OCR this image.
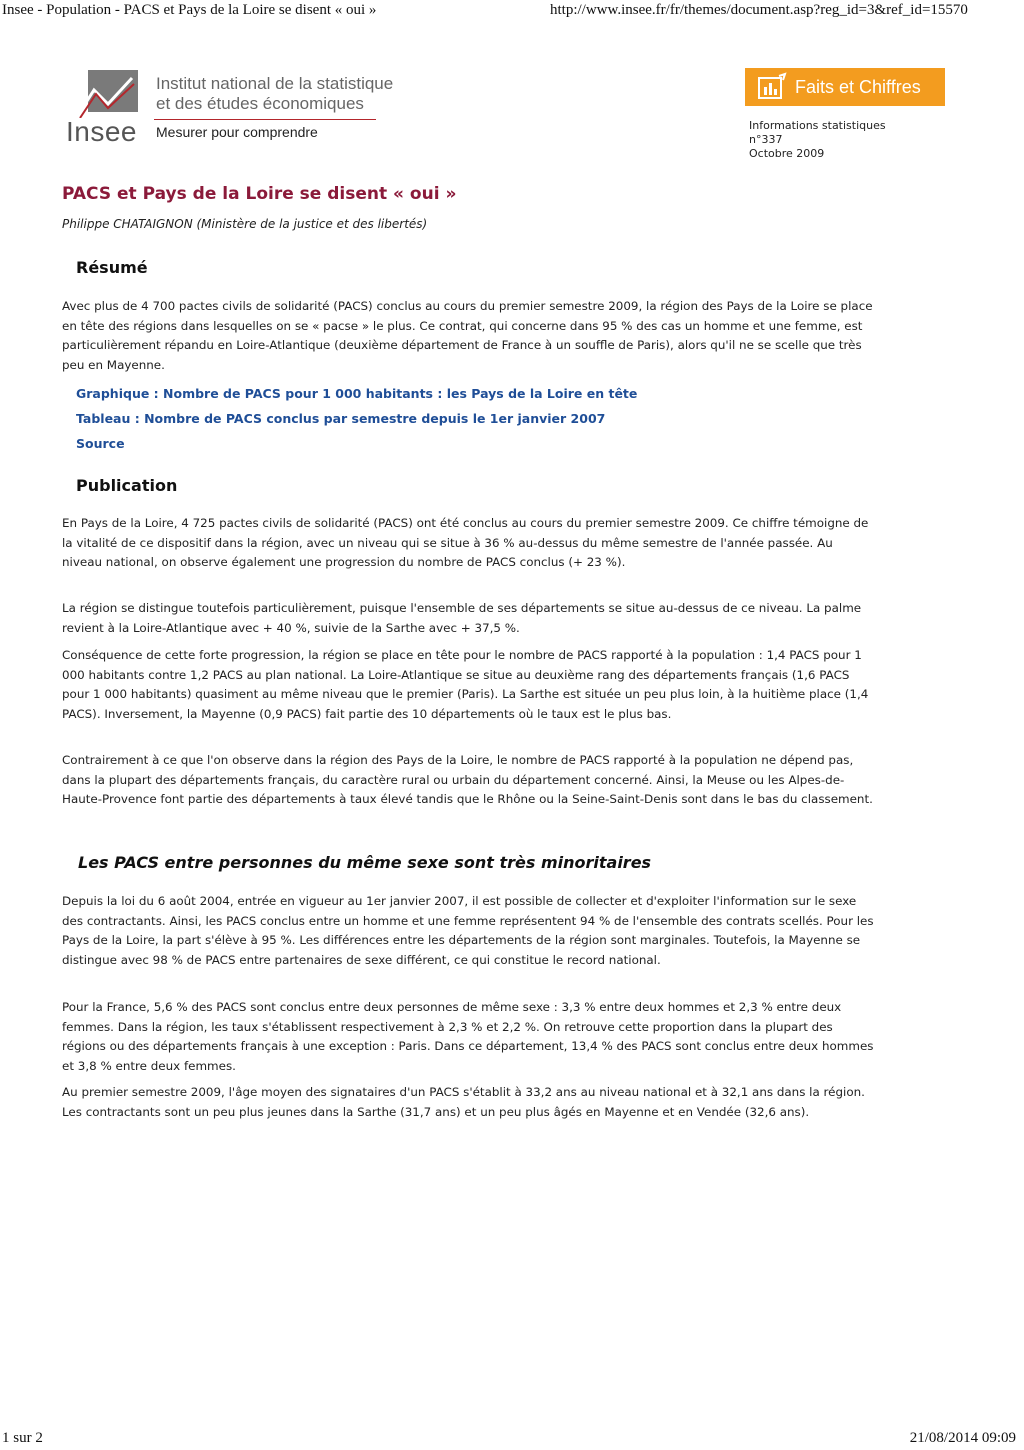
Insee - Population - PACS et Pays de la Loire se disent « oui »	http://www.insee.fr/fr/themes/document.asp?reg_id=3&ref_id=15570
Insee
Institut national de la statistique
et des études économiques
Mesurer pour comprendre
Faits et Chiffres
Informations statistiques
n°337
Octobre 2009
PACS et Pays de la Loire se disent « oui »
Philippe CHATAIGNON (Ministère de la justice et des libertés)
Résumé

Avec plus de 4 700 pactes civils de solidarité (PACS) conclus au cours du premier semestre 2009, la région des Pays de la Loire se place en tête des régions dans lesquelles on se « pacse » le plus. Ce contrat, qui concerne dans 95 % des cas un homme et une femme, est particulièrement répandu en Loire-Atlantique (deuxième département de France à un souffle de Paris), alors qu'il ne se scelle que très peu en Mayenne.

Graphique : Nombre de PACS pour 1 000 habitants : les Pays de la Loire en tête
Tableau : Nombre de PACS conclus par semestre depuis le 1er janvier 2007
Source
Publication

En Pays de la Loire, 4 725 pactes civils de solidarité (PACS) ont été conclus au cours du premier semestre 2009. Ce chiffre témoigne de la vitalité de ce dispositif dans la région, avec un niveau qui se situe à 36 % au-dessus du même semestre de l'année passée. Au niveau national, on observe également une progression du nombre de PACS conclus (+ 23 %).

La région se distingue toutefois particulièrement, puisque l'ensemble de ses départements se situe au-dessus de ce niveau. La palme revient à la Loire-Atlantique avec + 40 %, suivie de la Sarthe avec + 37,5 %.

Conséquence de cette forte progression, la région se place en tête pour le nombre de PACS rapporté à la population : 1,4 PACS pour 1 000 habitants contre 1,2 PACS au plan national. La Loire-Atlantique se situe au deuxième rang des départements français (1,6 PACS pour 1 000 habitants) quasiment au même niveau que le premier (Paris). La Sarthe est située un peu plus loin, à la huitième place (1,4 PACS). Inversement, la Mayenne (0,9 PACS) fait partie des 10 départements où le taux est le plus bas.

Contrairement à ce que l'on observe dans la région des Pays de la Loire, le nombre de PACS rapporté à la population ne dépend pas, dans la plupart des départements français, du caractère rural ou urbain du département concerné. Ainsi, la Meuse ou les Alpes-de-Haute-Provence font partie des départements à taux élevé tandis que le Rhône ou la Seine-Saint-Denis sont dans le bas du classement.

Les PACS entre personnes du même sexe sont très minoritaires

Depuis la loi du 6 août 2004, entrée en vigueur au 1er janvier 2007, il est possible de collecter et d'exploiter l'information sur le sexe des contractants. Ainsi, les PACS conclus entre un homme et une femme représentent 94 % de l'ensemble des contrats scellés. Pour les Pays de la Loire, la part s'élève à 95 %. Les différences entre les départements de la région sont marginales. Toutefois, la Mayenne se distingue avec 98 % de PACS entre partenaires de sexe différent, ce qui constitue le record national.

Pour la France, 5,6 % des PACS sont conclus entre deux personnes de même sexe : 3,3 % entre deux hommes et 2,3 % entre deux femmes. Dans la région, les taux s'établissent respectivement à 2,3 % et 2,2 %. On retrouve cette proportion dans la plupart des régions ou des départements français à une exception : Paris. Dans ce département, 13,4 % des PACS sont conclus entre deux hommes et 3,8 % entre deux femmes.

Au premier semestre 2009, l'âge moyen des signataires d'un PACS s'établit à 33,2 ans au niveau national et à 32,1 ans dans la région. Les contractants sont un peu plus jeunes dans la Sarthe (31,7 ans) et un peu plus âgés en Mayenne et en Vendée (32,6 ans).

1 sur 2	21/08/2014 09:09
